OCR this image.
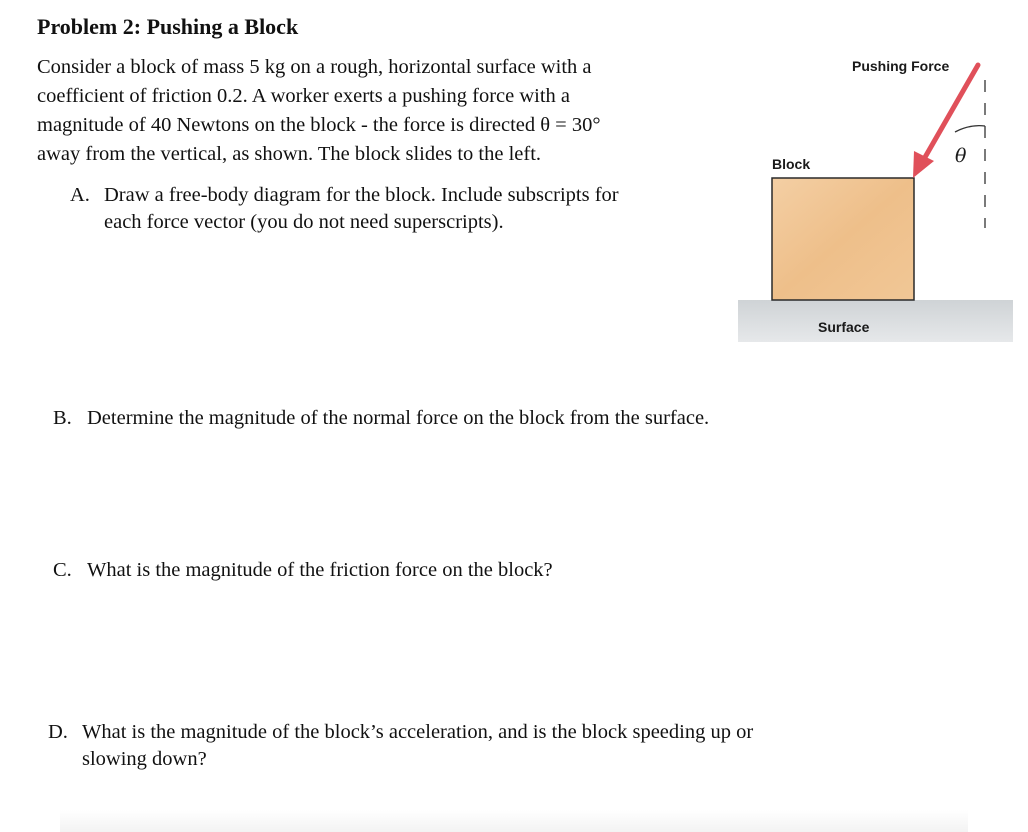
Problem 2: Pushing a Block

Consider a block of mass 5 kg on a rough, horizontal surface with a
coefficient of friction 0.2. A worker exerts a pushing force with a
magnitude of 40 Newtons on the block - the force is directed θ = 30°
away from the vertical, as shown. The block slides to the left.

A. Draw a free-body diagram for the block. Include subscripts for
each force vector (you do not need superscripts).
B. Determine the magnitude of the normal force on the block from the surface.
C. What is the magnitude of the friction force on the block?
D. What is the magnitude of the block’s acceleration, and is the block speeding up or
slowing down?
Surface
Block
Pushing Force
θ
